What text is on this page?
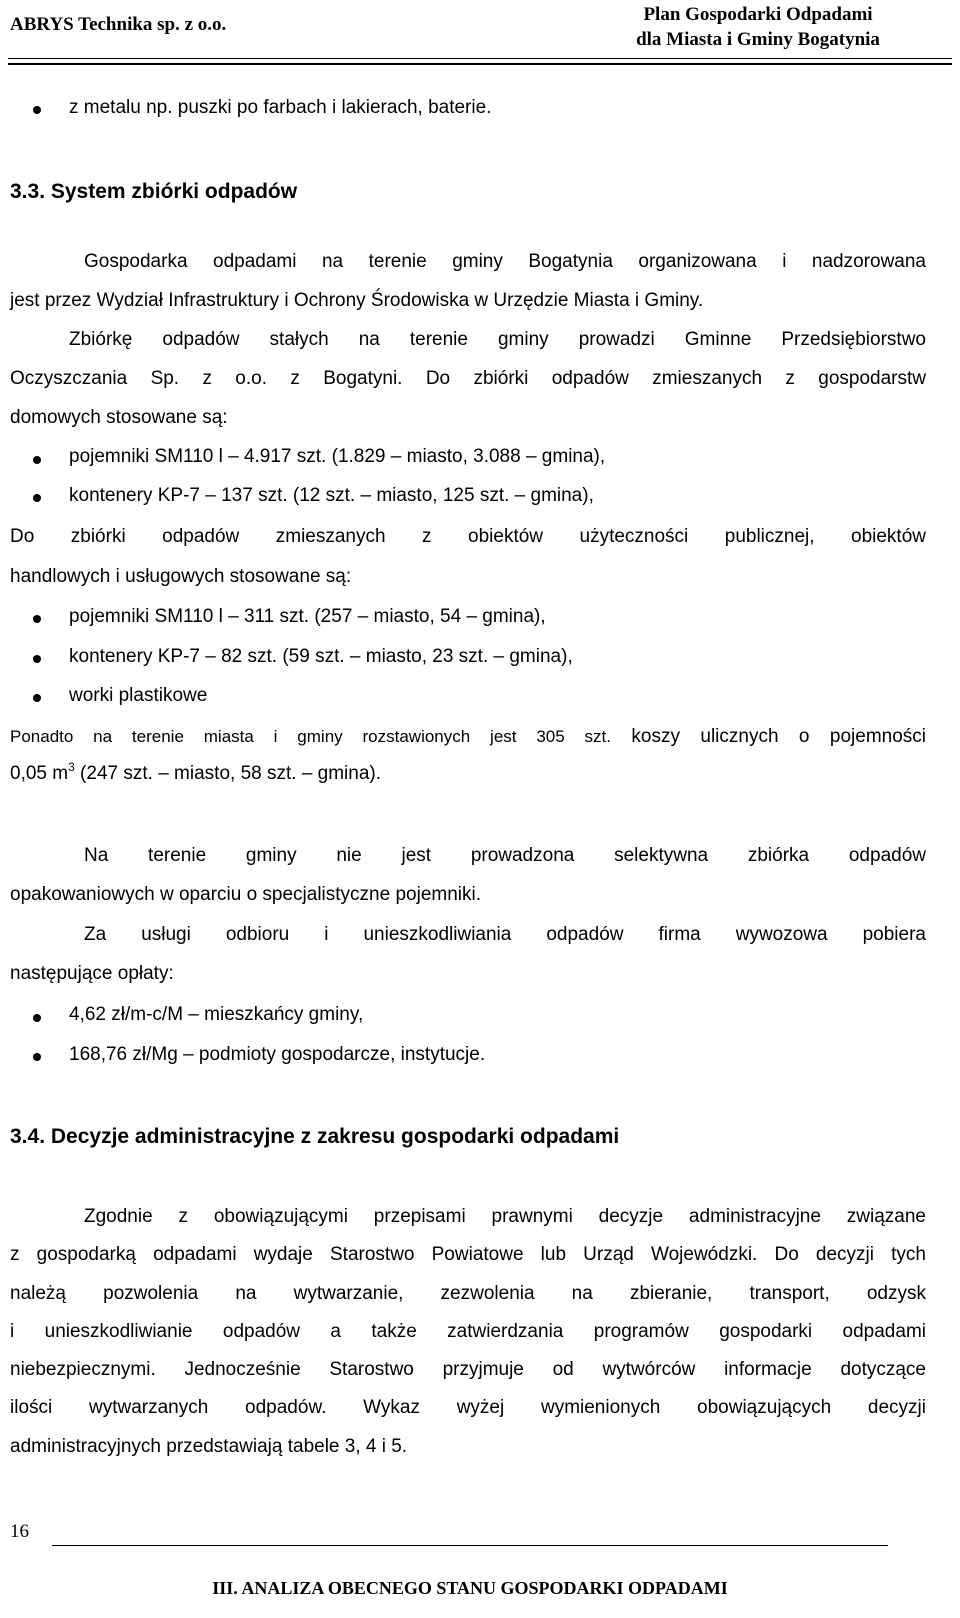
ABRYS Technika sp. z o.o.	Plan Gospodarki Odpadami
dla Miasta i Gminy Bogatynia
z metalu np. puszki po farbach i lakierach, baterie.
3.3. System zbiórki odpadów
Gospodarka odpadami na terenie gminy Bogatynia organizowana i nadzorowana
jest przez Wydział Infrastruktury i Ochrony Środowiska w Urzędzie Miasta i Gminy.
Zbiórkę odpadów stałych na terenie gminy prowadzi Gminne Przedsiębiorstwo
Oczyszczania Sp. z o.o. z Bogatyni. Do zbiórki odpadów zmieszanych z gospodarstw
domowych stosowane są:
pojemniki SM110 l – 4.917 szt. (1.829 – miasto, 3.088 – gmina),
kontenery KP-7 – 137 szt. (12 szt. – miasto, 125 szt. – gmina),
Do zbiórki odpadów zmieszanych z obiektów użyteczności publicznej, obiektów
handlowych i usługowych stosowane są:
pojemniki SM110 l – 311 szt. (257 – miasto, 54 – gmina),
kontenery KP-7 – 82 szt. (59 szt. – miasto, 23 szt. – gmina),
worki plastikowe
Ponadto na terenie miasta i gminy rozstawionych jest 305 szt. koszy ulicznych o pojemności
0,05 $m^3$ (247 szt. – miasto, 58 szt. – gmina).
Na terenie gminy nie jest prowadzona selektywna zbiórka odpadów
opakowaniowych w oparciu o specjalistyczne pojemniki.
Za usługi odbioru i unieszkodliwiania odpadów firma wywozowa pobiera
następujące opłaty:
4,62 zł/m-c/M – mieszkańcy gminy,
168,76 zł/Mg – podmioty gospodarcze, instytucje.
3.4. Decyzje administracyjne z zakresu gospodarki odpadami
Zgodnie z obowiązującymi przepisami prawnymi decyzje administracyjne związane
z gospodarką odpadami wydaje Starostwo Powiatowe lub Urząd Wojewódzki. Do decyzji tych
należą pozwolenia na wytwarzanie, zezwolenia na zbieranie, transport, odzysk
i unieszkodliwianie odpadów a także zatwierdzania programów gospodarki odpadami
niebezpiecznymi. Jednocześnie Starostwo przyjmuje od wytwórców informacje dotyczące
ilości wytwarzanych odpadów. Wykaz wyżej wymienionych obowiązujących decyzji
administracyjnych przedstawiają tabele 3, 4 i 5.
16
III. ANALIZA OBECNEGO STANU GOSPODARKI ODPADAMI
